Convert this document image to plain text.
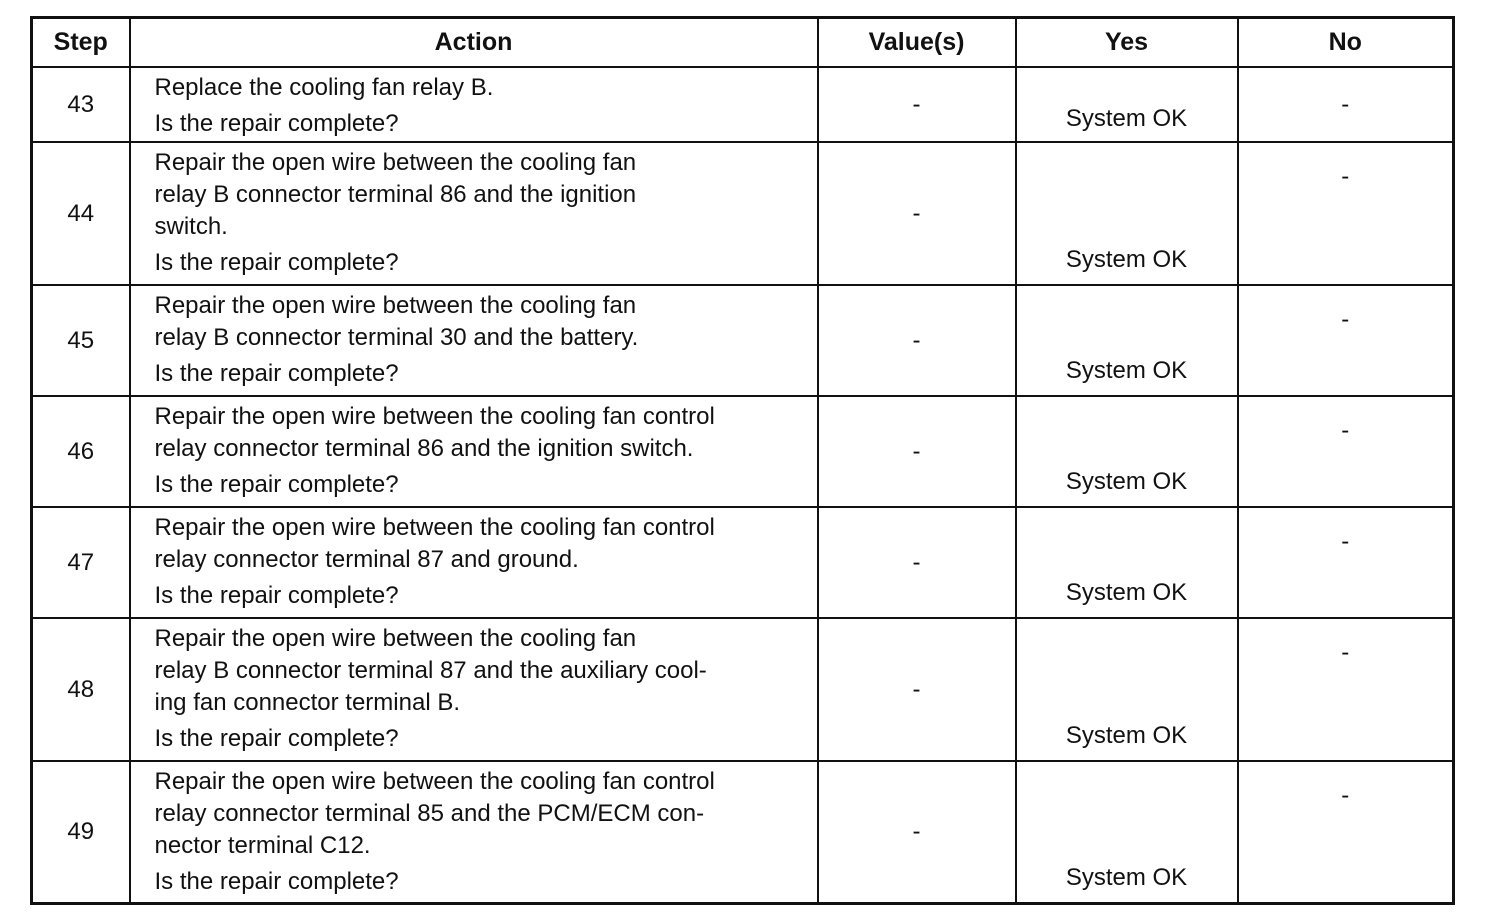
Step	Action	Value(s)	Yes	No
43	Replace the cooling fan relay B.
Is the repair complete?	-	System OK	-
44	Repair the open wire between the cooling fan
relay B connector terminal 86 and the ignition
switch.
Is the repair complete?	-	System OK	-
45	Repair the open wire between the cooling fan
relay B connector terminal 30 and the battery.
Is the repair complete?	-	System OK	-
46	Repair the open wire between the cooling fan control
relay connector terminal 86 and the ignition switch.
Is the repair complete?	-	System OK	-
47	Repair the open wire between the cooling fan control
relay connector terminal 87 and ground.
Is the repair complete?	-	System OK	-
48	Repair the open wire between the cooling fan
relay B connector terminal 87 and the auxiliary cool-
ing fan connector terminal B.
Is the repair complete?	-	System OK	-
49	Repair the open wire between the cooling fan control
relay connector terminal 85 and the PCM/ECM con-
nector terminal C12.
Is the repair complete?	-	System OK	-
